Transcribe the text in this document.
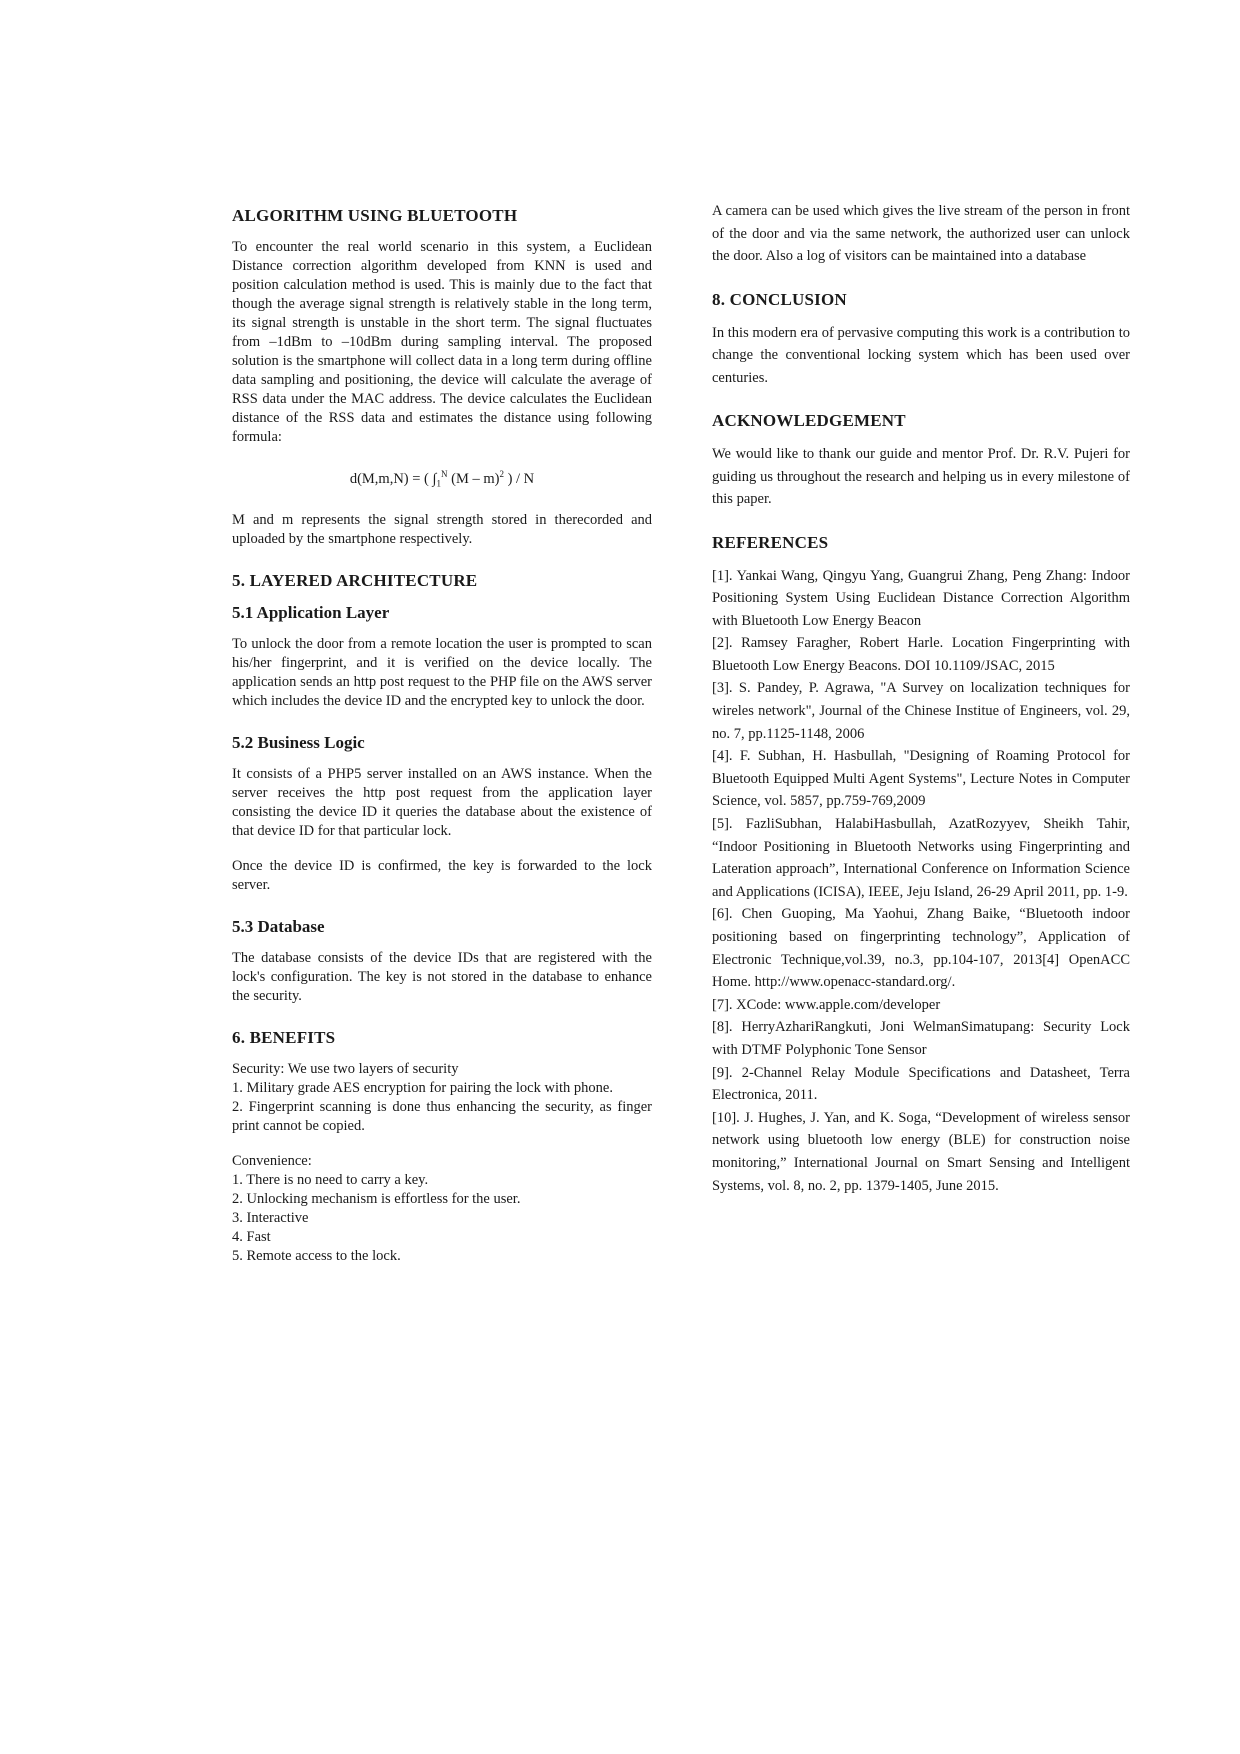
ALGORITHM USING BLUETOOTH

To encounter the real world scenario in this system, a Euclidean Distance correction algorithm developed from KNN is used and position calculation method is used. This is mainly due to the fact that though the average signal strength is relatively stable in the long term, its signal strength is unstable in the short term. The signal fluctuates from –1dBm to –10dBm during sampling interval. The proposed solution is the smartphone will collect data in a long term during offline data sampling and positioning, the device will calculate the average of RSS data under the MAC address. The device calculates the Euclidean distance of the RSS data and estimates the distance using following formula:

d(M,m,N) = ( $\int_1^N$ (M – m)$^2$ ) / N

M and m represents the signal strength stored in therecorded and uploaded by the smartphone respectively.

5. LAYERED ARCHITECTURE
5.1 Application Layer

To unlock the door from a remote location the user is prompted to scan his/her fingerprint, and it is verified on the device locally. The application sends an http post request to the PHP file on the AWS server which includes the device ID and the encrypted key to unlock the door.

5.2 Business Logic

It consists of a PHP5 server installed on an AWS instance. When the server receives the http post request from the application layer consisting the device ID it queries the database about the existence of that device ID for that particular lock.

Once the device ID is confirmed, the key is forwarded to the lock server.

5.3 Database

The database consists of the device IDs that are registered with the lock's configuration. The key is not stored in the database to enhance the security.

6. BENEFITS
Security: We use two layers of security
1. Military grade AES encryption for pairing the lock with phone.
2. Fingerprint scanning is done thus enhancing the security, as finger print cannot be copied.
Convenience:
1. There is no need to carry a key.
2. Unlocking mechanism is effortless for the user.
3. Interactive
4. Fast
5. Remote access to the lock.

A camera can be used which gives the live stream of the person in front of the door and via the same network, the authorized user can unlock the door. Also a log of visitors can be maintained into a database

8. CONCLUSION

In this modern era of pervasive computing this work is a contribution to change the conventional locking system which has been used over centuries.

ACKNOWLEDGEMENT

We would like to thank our guide and mentor Prof. Dr. R.V. Pujeri for guiding us throughout the research and helping us in every milestone of this paper.

REFERENCES

[1]. Yankai Wang, Qingyu Yang, Guangrui Zhang, Peng Zhang: Indoor Positioning System Using Euclidean Distance Correction Algorithm with Bluetooth Low Energy Beacon

[2]. Ramsey Faragher, Robert Harle. Location Fingerprinting with Bluetooth Low Energy Beacons. DOI 10.1109/JSAC, 2015

[3]. S. Pandey, P. Agrawa, "A Survey on localization techniques for wireles network", Journal of the Chinese Institue of Engineers, vol. 29, no. 7, pp.1125-1148, 2006

[4]. F. Subhan, H. Hasbullah, "Designing of Roaming Protocol for Bluetooth Equipped Multi Agent Systems", Lecture Notes in Computer Science, vol. 5857, pp.759-769,2009

[5]. FazliSubhan, HalabiHasbullah, AzatRozyyev, Sheikh Tahir, “Indoor Positioning in Bluetooth Networks using Fingerprinting and Lateration approach”, International Conference on Information Science and Applications (ICISA), IEEE, Jeju Island, 26-29 April 2011, pp. 1-9.

[6]. Chen Guoping, Ma Yaohui, Zhang Baike, “Bluetooth indoor positioning based on fingerprinting technology”, Application of Electronic Technique,vol.39, no.3, pp.104-107, 2013[4] OpenACC Home. http://www.openacc-standard.org/.

[7]. XCode: www.apple.com/developer

[8]. HerryAzhariRangkuti, Joni WelmanSimatupang: Security Lock with DTMF Polyphonic Tone Sensor

[9]. 2-Channel Relay Module Specifications and Datasheet, Terra Electronica, 2011.

[10]. J. Hughes, J. Yan, and K. Soga, “Development of wireless sensor network using bluetooth low energy (BLE) for construction noise monitoring,” International Journal on Smart Sensing and Intelligent Systems, vol. 8, no. 2, pp. 1379-1405, June 2015.
